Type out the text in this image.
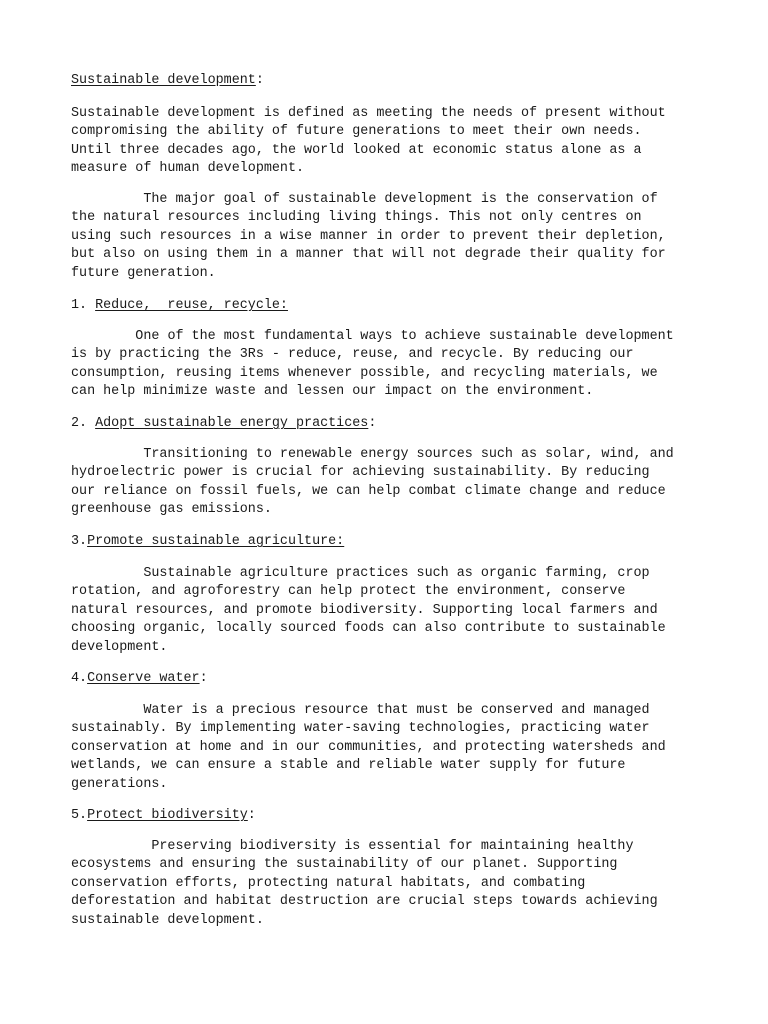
Sustainable development:

Sustainable development is defined as meeting the needs of present without
compromising the ability of future generations to meet their own needs.
Until three decades ago, the world looked at economic status alone as a
measure of human development.

The major goal of sustainable development is the conservation of
the natural resources including living things. This not only centres on
using such resources in a wise manner in order to prevent their depletion,
but also on using them in a manner that will not degrade their quality for
future generation.

1. Reduce,  reuse, recycle:

One of the most fundamental ways to achieve sustainable development
is by practicing the 3Rs - reduce, reuse, and recycle. By reducing our
consumption, reusing items whenever possible, and recycling materials, we
can help minimize waste and lessen our impact on the environment.

2. Adopt sustainable energy practices:

Transitioning to renewable energy sources such as solar, wind, and
hydroelectric power is crucial for achieving sustainability. By reducing
our reliance on fossil fuels, we can help combat climate change and reduce
greenhouse gas emissions.

3.Promote sustainable agriculture:

Sustainable agriculture practices such as organic farming, crop
rotation, and agroforestry can help protect the environment, conserve
natural resources, and promote biodiversity. Supporting local farmers and
choosing organic, locally sourced foods can also contribute to sustainable
development.

4.Conserve water:

Water is a precious resource that must be conserved and managed
sustainably. By implementing water-saving technologies, practicing water
conservation at home and in our communities, and protecting watersheds and
wetlands, we can ensure a stable and reliable water supply for future
generations.

5.Protect biodiversity:

Preserving biodiversity is essential for maintaining healthy
ecosystems and ensuring the sustainability of our planet. Supporting
conservation efforts, protecting natural habitats, and combating
deforestation and habitat destruction are crucial steps towards achieving
sustainable development.
